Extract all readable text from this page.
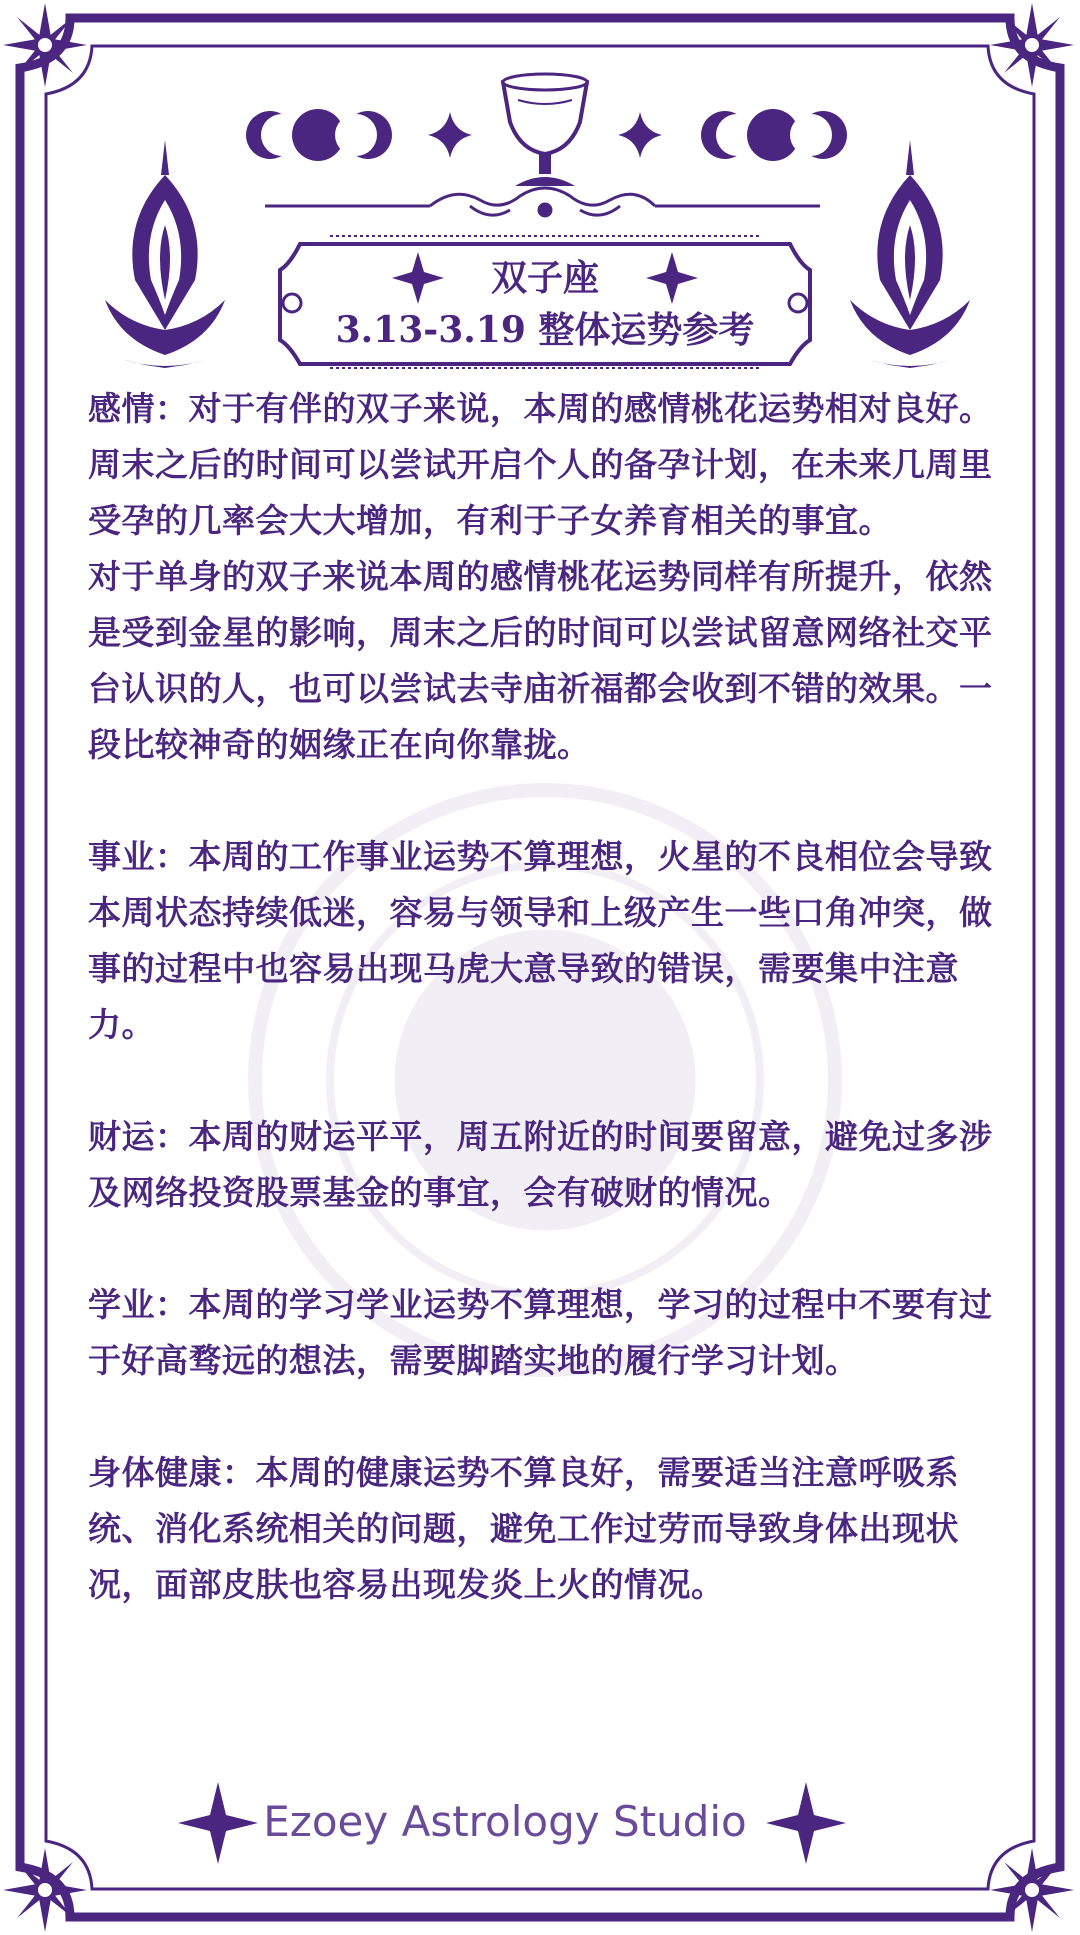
双子座
3.13-3.19 整体运势参考
Ezoey Astrology Studio

感情：对于有伴的双子来说，本周的感情桃花运势相对良好。周末之后的时间可以尝试开启个人的备孕计划，在未来几周里受孕的几率会大大增加，有利于子女养育相关的事宜。

对于单身的双子来说本周的感情桃花运势同样有所提升，依然是受到金星的影响，周末之后的时间可以尝试留意网络社交平台认识的人，也可以尝试去寺庙祈福都会收到不错的效果。一段比较神奇的姻缘正在向你靠拢。

事业：本周的工作事业运势不算理想，火星的不良相位会导致本周状态持续低迷，容易与领导和上级产生一些口角冲突，做事的过程中也容易出现马虎大意导致的错误，需要集中注意力。

财运：本周的财运平平，周五附近的时间要留意，避免过多涉及网络投资股票基金的事宜，会有破财的情况。

学业：本周的学习学业运势不算理想，学习的过程中不要有过于好高骛远的想法，需要脚踏实地的履行学习计划。

身体健康：本周的健康运势不算良好，需要适当注意呼吸系统、消化系统相关的问题，避免工作过劳而导致身体出现状况，面部皮肤也容易出现发炎上火的情况。
